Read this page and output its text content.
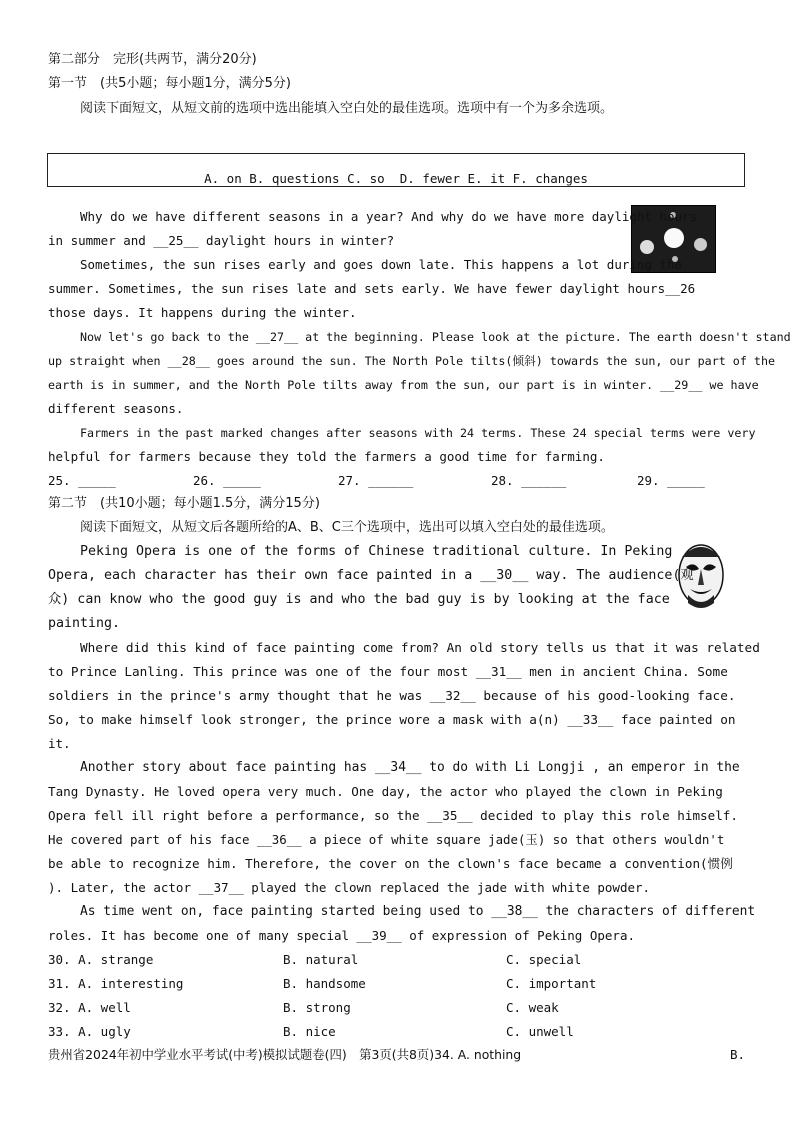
第二部分　完形(共两节，满分20分)
第一节　(共5小题；每小题1分，满分5分)
阅读下面短文，从短文前的选项中选出能填入空白处的最佳选项。选项中有一个为多余选项。
A. on B. questions C. so  D. fewer E. it F. changes
Why do we have different seasons in a year? And why do we have more daylight hours
in summer and __25__ daylight hours in winter?
Sometimes, the sun rises early and goes down late. This happens a lot during the
summer. Sometimes, the sun rises late and sets early. We have fewer daylight hours__26
those days. It happens during the winter.
Now let's go back to the __27__ at the beginning. Please look at the picture. The earth doesn't stand
up straight when __28__ goes around the sun. The North Pole tilts(倾斜) towards the sun, our part of the
earth is in summer, and the North Pole tilts away from the sun, our part is in winter. __29__ we have
different seasons.
Farmers in the past marked changes after seasons with 24 terms. These 24 special terms were very
helpful for farmers because they told the farmers a good time for farming.
25. _____	26. _____	27. ______	28. ______	29. _____
第二节　(共10小题；每小题1.5分，满分15分)
阅读下面短文，从短文后各题所给的A、B、C三个选项中，选出可以填入空白处的最佳选项。
Peking Opera is one of the forms of Chinese traditional culture. In Peking
Opera, each character has their own face painted in a __30__ way. The audience(观
众) can know who the good guy is and who the bad guy is by looking at the face
painting.
Where did this kind of face painting come from? An old story tells us that it was related
to Prince Lanling. This prince was one of the four most __31__ men in ancient China. Some
soldiers in the prince's army thought that he was __32__ because of his good-looking face.
So, to make himself look stronger, the prince wore a mask with a(n) __33__ face painted on
it.
Another story about face painting has __34__ to do with Li Longji , an emperor in the
Tang Dynasty. He loved opera very much. One day, the actor who played the clown in Peking
Opera fell ill right before a performance, so the __35__ decided to play this role himself.
He covered part of his face __36__ a piece of white square jade(玉) so that others wouldn't
be able to recognize him. Therefore, the cover on the clown's face became a convention(惯例
). Later, the actor __37__ played the clown replaced the jade with white powder.
As time went on, face painting started being used to __38__ the characters of different
roles. It has become one of many special __39__ of expression of Peking Opera.
30. A. strange	B. natural	C. special
31. A. interesting	B. handsome	C. important
32. A. well	B. strong	C. weak
33. A. ugly	B. nice	C. unwell
贵州省2024年初中学业水平考试(中考)模拟试题卷(四)　第3页(共8页)34. A. nothing	B.
